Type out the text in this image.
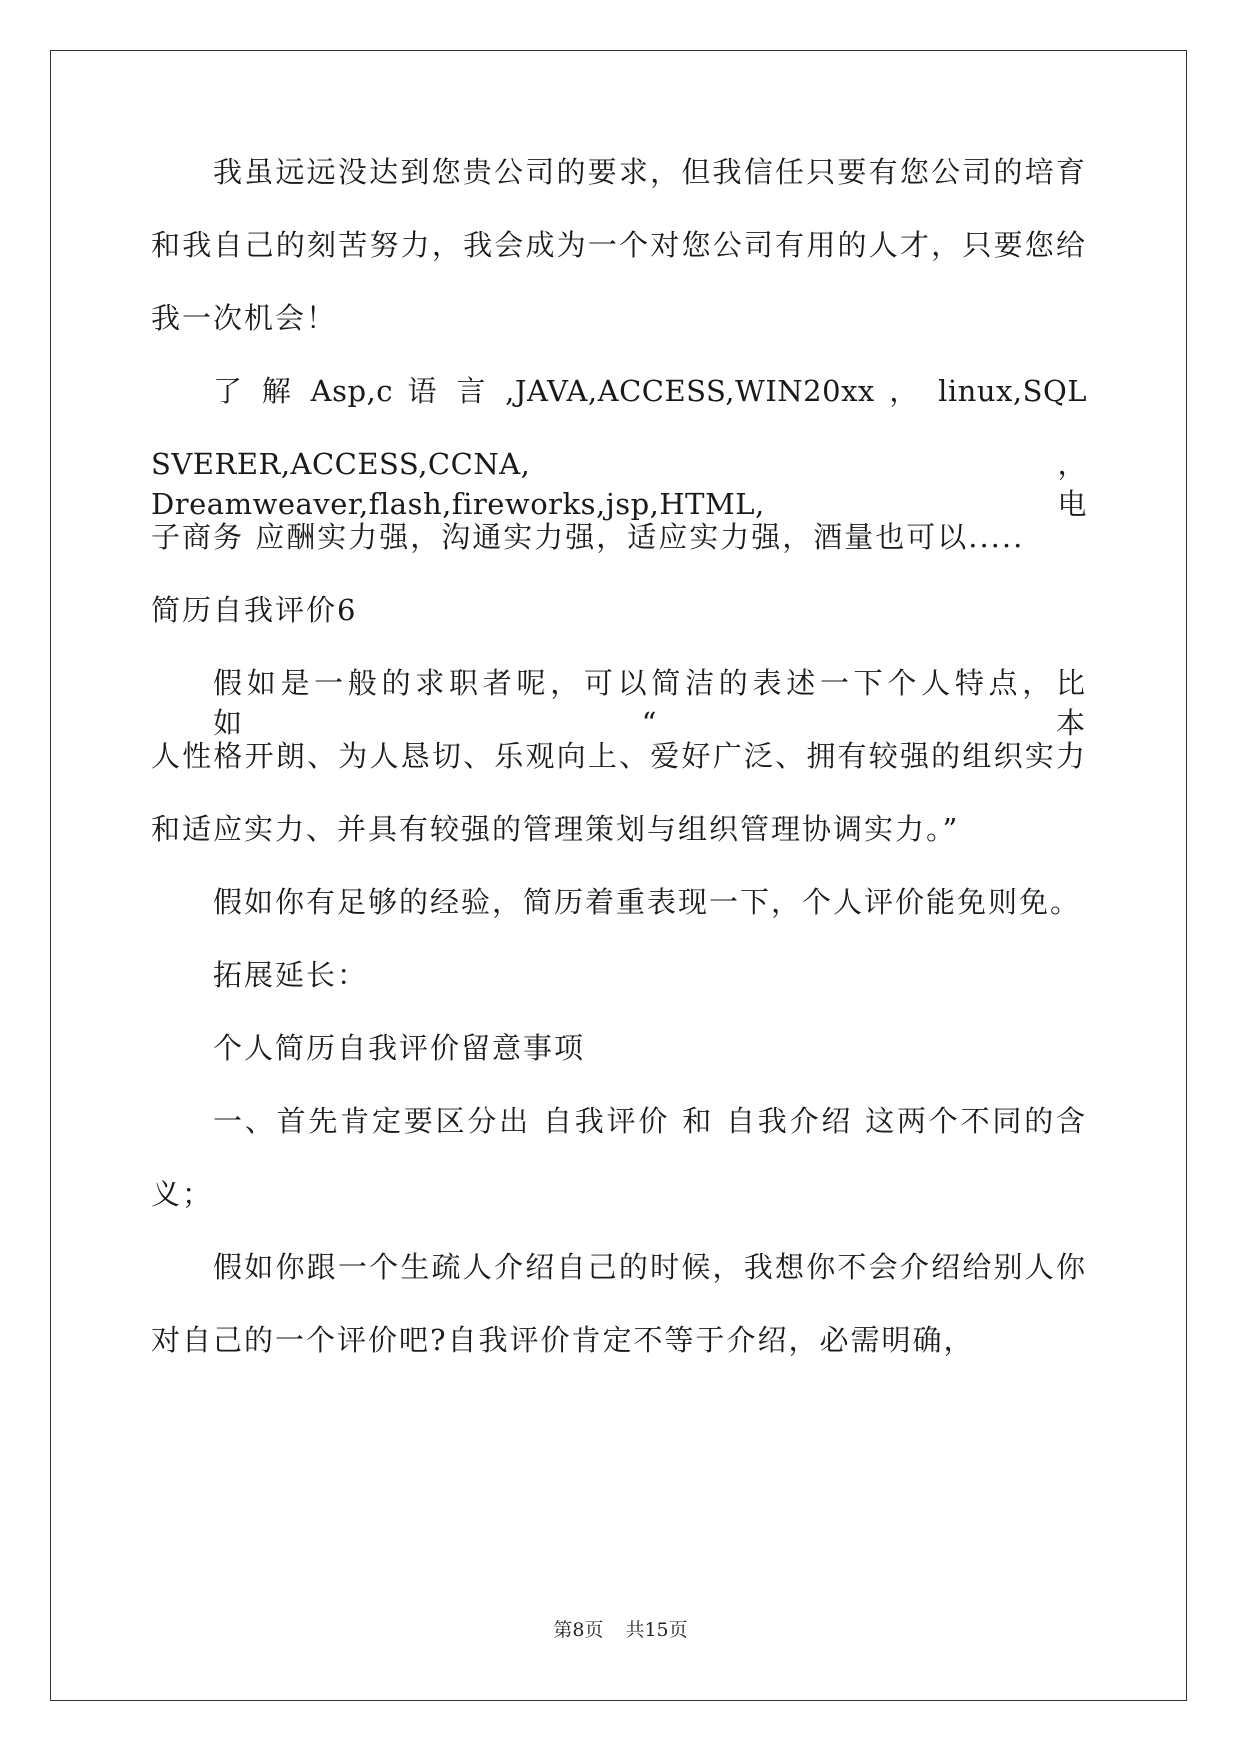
我虽远远没达到您贵公司的要求，但我信任只要有您公司的培育
和我自己的刻苦努力，我会成为一个对您公司有用的人才，只要您给
我一次机会！
了 解 Asp,c 语 言 ,JAVA,ACCESS,WIN20xx ， linux,SQL
SVERER,ACCESS,CCNA,，Dreamweaver,flash,fireworks,jsp,HTML,电
子商务 应酬实力强，沟通实力强，适应实力强，酒量也可以.....
简历自我评价6
假如是一般的求职者呢，可以简洁的表述一下个人特点，比如“本
人性格开朗、为人恳切、乐观向上、爱好广泛、拥有较强的组织实力
和适应实力、并具有较强的管理策划与组织管理协调实力。”
假如你有足够的经验，简历着重表现一下，个人评价能免则免。
拓展延长：
个人简历自我评价留意事项
一、首先肯定要区分出 自我评价 和 自我介绍 这两个不同的含
义；
假如你跟一个生疏人介绍自己的时候，我想你不会介绍给别人你
对自己的一个评价吧?自我评价肯定不等于介绍，必需明确，
第8页 共15页
